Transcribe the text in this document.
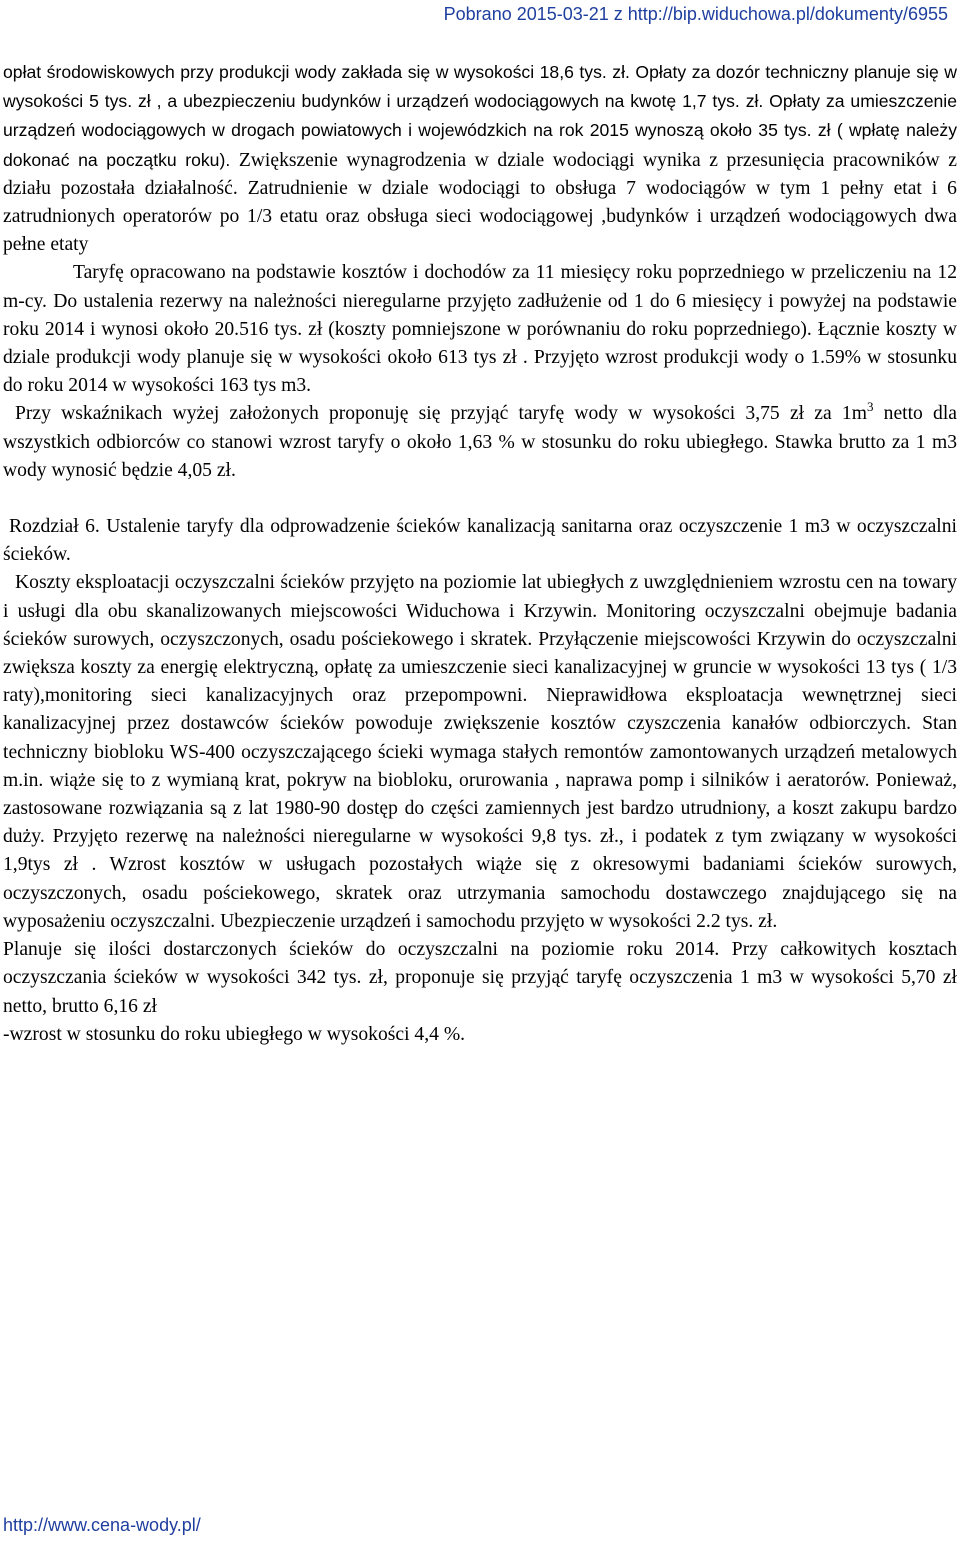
Pobrano 2015-03-21 z http://bip.widuchowa.pl/dokumenty/6955

opłat środowiskowych przy produkcji wody zakłada się w wysokości 18,6 tys. zł. Opłaty za dozór techniczny planuje się w wysokości 5 tys. zł , a ubezpieczeniu budynków i urządzeń wodociągowych na kwotę 1,7 tys. zł. Opłaty za umieszczenie urządzeń wodociągowych w drogach powiatowych i wojewódzkich na rok 2015 wynoszą około 35 tys. zł ( wpłatę należy dokonać na początku roku). Zwiększenie wynagrodzenia w dziale wodociągi wynika z przesunięcia pracowników z działu pozostała działalność. Zatrudnienie w dziale wodociągi to obsługa 7 wodociągów w tym 1 pełny etat i 6 zatrudnionych operatorów po 1/3 etatu oraz obsługa sieci wodociągowej ,budynków i urządzeń wodociągowych dwa pełne etaty

Taryfę opracowano na podstawie kosztów i dochodów za 11 miesięcy roku poprzedniego w przeliczeniu na 12 m-cy. Do ustalenia rezerwy na należności nieregularne przyjęto zadłużenie od 1 do 6 miesięcy i powyżej na podstawie roku 2014 i wynosi około 20.516 tys. zł (koszty pomniejszone w porównaniu do roku poprzedniego). Łącznie koszty w dziale produkcji wody planuje się w wysokości około 613 tys zł . Przyjęto wzrost produkcji wody o 1.59% w stosunku do roku 2014 w wysokości 163 tys m3.

Przy wskaźnikach wyżej założonych proponuję się przyjąć taryfę wody w wysokości 3,75 zł za $1m^3$ netto dla wszystkich odbiorców co stanowi wzrost taryfy o około 1,63 % w stosunku do roku ubiegłego. Stawka brutto za 1 m3 wody wynosić będzie 4,05 zł.

Rozdział 6. Ustalenie taryfy dla odprowadzenie ścieków kanalizacją sanitarna oraz oczyszczenie 1 m3 w oczyszczalni ścieków.

Koszty eksploatacji oczyszczalni ścieków przyjęto na poziomie lat ubiegłych z uwzględnieniem wzrostu cen na towary i usługi dla obu skanalizowanych miejscowości Widuchowa i Krzywin. Monitoring oczyszczalni obejmuje badania ścieków surowych, oczyszczonych, osadu pościekowego i skratek. Przyłączenie miejscowości Krzywin do oczyszczalni zwiększa koszty za energię elektryczną, opłatę za umieszczenie sieci kanalizacyjnej w gruncie w wysokości 13 tys ( 1/3 raty),monitoring sieci kanalizacyjnych oraz przepompowni. Nieprawidłowa eksploatacja wewnętrznej sieci kanalizacyjnej przez dostawców ścieków powoduje zwiększenie kosztów czyszczenia kanałów odbiorczych. Stan techniczny biobloku WS-400 oczyszczającego ścieki wymaga stałych remontów zamontowanych urządzeń metalowych m.in. wiąże się to z wymianą krat, pokryw na biobloku, orurowania , naprawa pomp i silników i aeratorów. Ponieważ, zastosowane rozwiązania są z lat 1980-90 dostęp do części zamiennych jest bardzo utrudniony, a koszt zakupu bardzo duży. Przyjęto rezerwę na należności nieregularne w wysokości 9,8 tys. zł., i podatek z tym związany w wysokości 1,9tys zł . Wzrost kosztów w usługach pozostałych wiąże się z okresowymi badaniami ścieków surowych, oczyszczonych, osadu pościekowego, skratek oraz utrzymania samochodu dostawczego znajdującego się na wyposażeniu oczyszczalni. Ubezpieczenie urządzeń i samochodu przyjęto w wysokości 2.2 tys. zł.

Planuje się ilości dostarczonych ścieków do oczyszczalni na poziomie roku 2014. Przy całkowitych kosztach oczyszczania ścieków w wysokości 342 tys. zł, proponuje się przyjąć taryfę oczyszczenia 1 m3 w wysokości 5,70 zł netto, brutto 6,16 zł

-wzrost w stosunku do roku ubiegłego w wysokości 4,4 %.

http://www.cena-wody.pl/
